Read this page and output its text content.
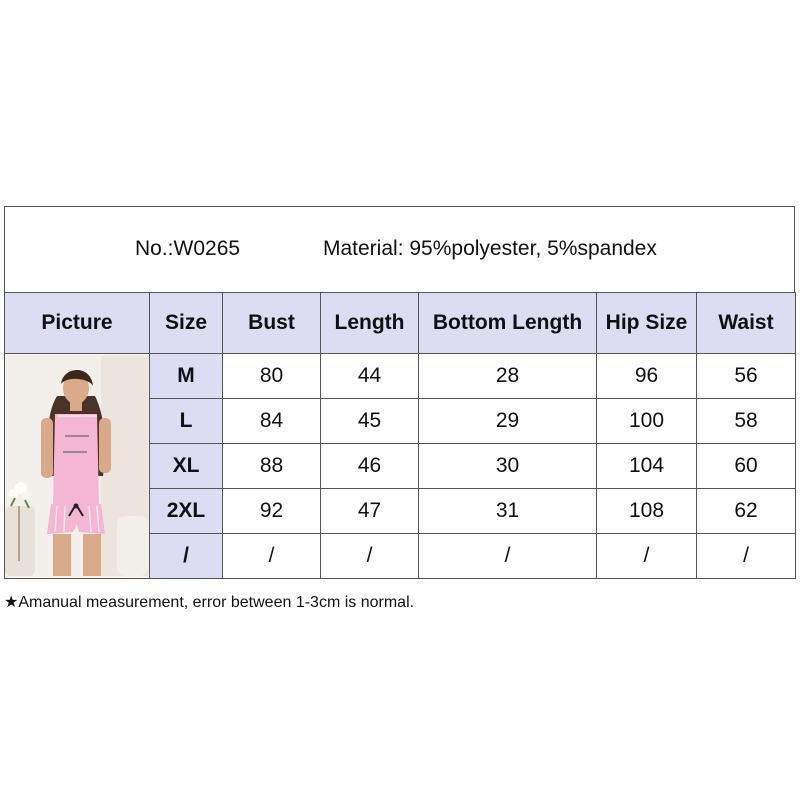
No.:W0265	Material: 95%polyester, 5%spandex
Picture	Size	Bust	Length	Bottom Length	Hip Size	Waist

	M	80	44	28	96	56
	L	84	45	29	100	58
	XL	88	46	30	104	60
	2XL	92	47	31	108	62
	/	/	/	/	/	/
★Amanual measurement, error between 1-3cm is normal.
